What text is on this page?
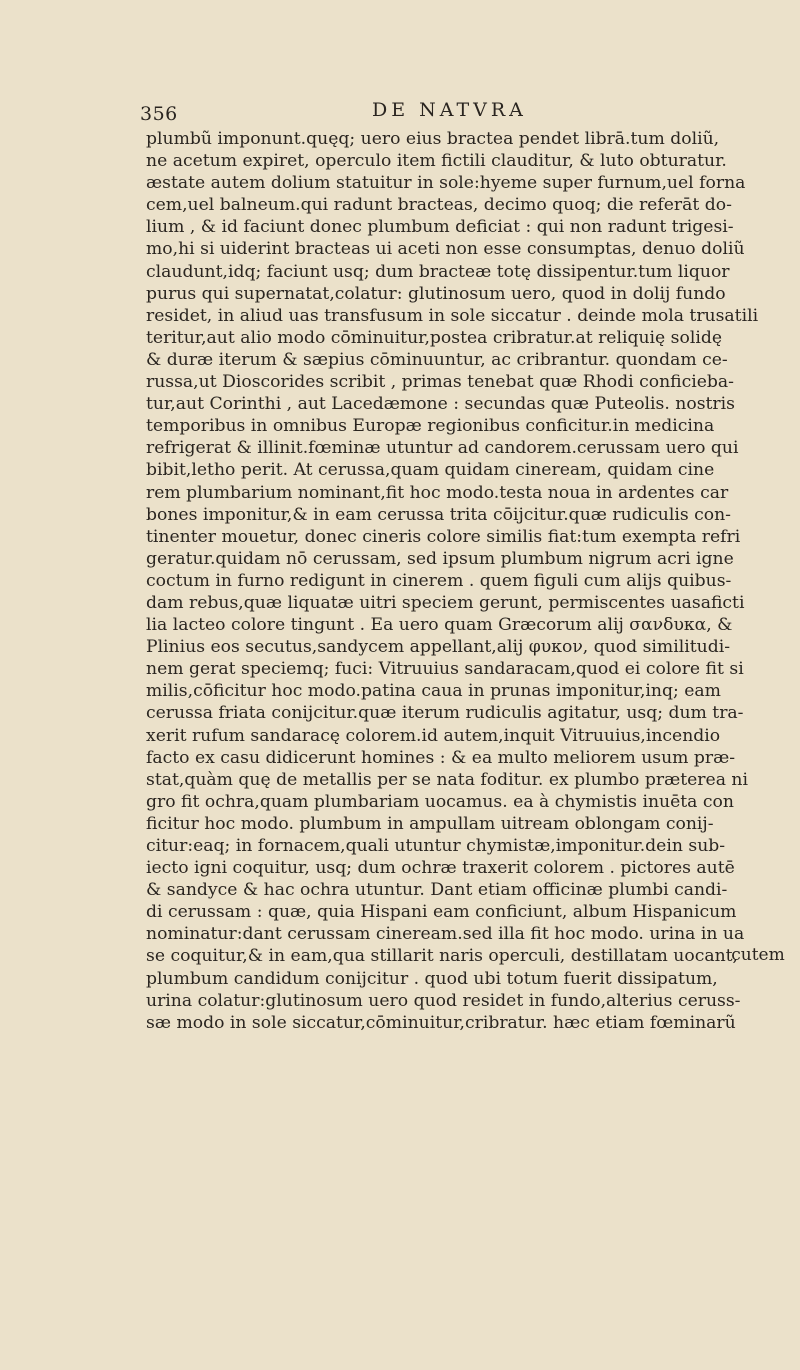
356	DE NATVRA
plumbũ imponunt.quęq; uero eius bractea pendet librā.tum doliũ,
ne acetum expiret, operculo item fictili clauditur, & luto obturatur.
æstate autem dolium statuitur in sole:hyeme super furnum,uel forna
cem,uel balneum.qui radunt bracteas, decimo quoq; die referāt do-
lium , & id faciunt donec plumbum deficiat : qui non radunt trigesi-
mo,hi si uiderint bracteas ui aceti non esse consumptas, denuo doliũ
claudunt,idq; faciunt usq; dum bracteæ totę dissipentur.tum liquor
purus qui supernatat,colatur: glutinosum uero, quod in dolij fundo
residet, in aliud uas transfusum in sole siccatur . deinde mola trusatili
teritur,aut alio modo cōminuitur,postea cribratur.at reliquię solidę
& duræ iterum & sæpius cōminuuntur, ac cribrantur. quondam ce-
russa,ut Dioscorides scribit , primas tenebat quæ Rhodi conficieba-
tur,aut Corinthi , aut Lacedæmone : secundas quæ Puteolis. nostris
temporibus in omnibus Europæ regionibus conficitur.in medicina
refrigerat & illinit.fœminæ utuntur ad candorem.cerussam uero qui
bibit,letho perit. At cerussa,quam quidam cineream, quidam cine
rem plumbarium nominant,fit hoc modo.testa noua in ardentes car
bones imponitur,& in eam cerussa trita cōijcitur.quæ rudiculis con-
tinenter mouetur, donec cineris colore similis fiat:tum exempta refri
geratur.quidam nō cerussam, sed ipsum plumbum nigrum acri igne
coctum in furno redigunt in cinerem . quem figuli cum alijs quibus-
dam rebus,quæ liquatæ uitri speciem gerunt, permiscentes uasaficti
lia lacteo colore tingunt . Ea uero quam Græcorum alij σανδυκα, &
Plinius eos secutus,sandycem appellant,alij φυκον, quod similitudi-
nem gerat speciemq; fuci: Vitruuius sandaracam,quod ei colore fit si
milis,cōficitur hoc modo.patina caua in prunas imponitur,inq; eam
cerussa friata conijcitur.quæ iterum rudiculis agitatur, usq; dum tra-
xerit rufum sandaracę colorem.id autem,inquit Vitruuius,incendio
facto ex casu didicerunt homines : & ea multo meliorem usum præ-
stat,quàm quę de metallis per se nata foditur. ex plumbo præterea ni
gro fit ochra,quam plumbariam uocamus. ea à chymistis inuēta con
ficitur hoc modo. plumbum in ampullam uitream oblongam conij-
citur:eaq; in fornacem,quali utuntur chymistæ,imponitur.dein sub-
iecto igni coquitur, usq; dum ochræ traxerit colorem . pictores autē
& sandyce & hac ochra utuntur. Dant etiam officinæ plumbi candi-
di cerussam : quæ, quia Hispani eam conficiunt, album Hispanicum
nominatur:dant cerussam cineream.sed illa fit hoc modo. urina in ua
se coquitur,& in eam,qua stillarit naris operculi, destillatam uocant,
plumbum candidum conijcitur . quod ubi totum fuerit dissipatum,
urina colatur:glutinosum uero quod residet in fundo,alterius ceruss-
sæ modo in sole siccatur,cōminuitur,cribratur. hæc etiam fœminarũ
cutem
